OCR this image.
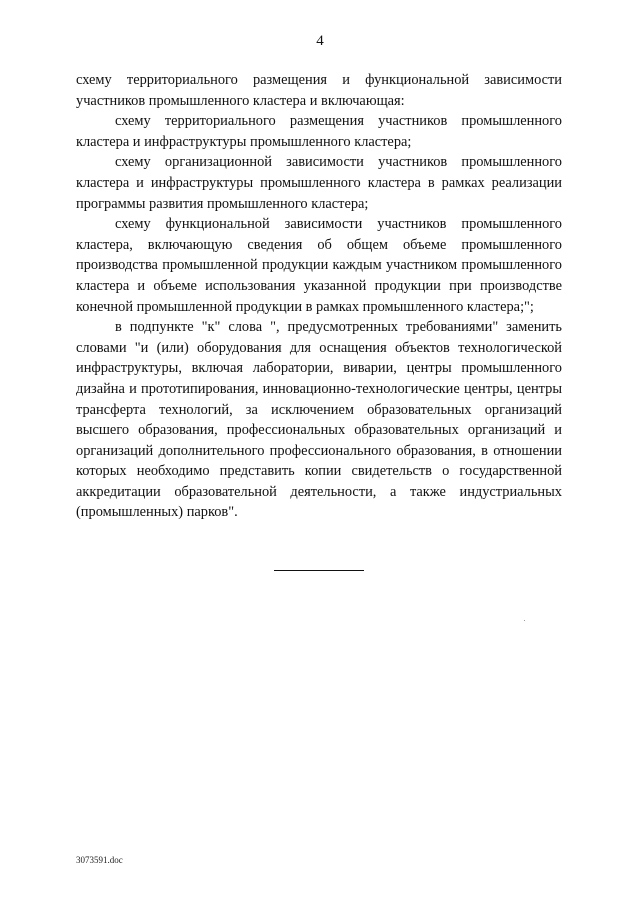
4

схему территориального размещения и функциональной зависимости участников промышленного кластера и включающая:

схему территориального размещения участников промышленного кластера и инфраструктуры промышленного кластера;

схему организационной зависимости участников промышленного кластера и инфраструктуры промышленного кластера в рамках реализации программы развития промышленного кластера;

схему функциональной зависимости участников промышленного кластера, включающую сведения об общем объеме промышленного производства промышленной продукции каждым участником промышленного кластера и объеме использования указанной продукции при производстве конечной промышленной продукции в рамках промышленного кластера;";

в подпункте "к" слова ", предусмотренных требованиями" заменить словами "и (или) оборудования для оснащения объектов технологической инфраструктуры, включая лаборатории, виварии, центры промышленного дизайна и прототипирования, инновационно-технологические центры, центры трансферта технологий, за исключением образовательных организаций высшего образования, профессиональных образовательных организаций и организаций дополнительного профессионального образования, в отношении которых необходимо представить копии свидетельств о государственной аккредитации образовательной деятельности, а также индустриальных (промышленных) парков".

3073591.doc
